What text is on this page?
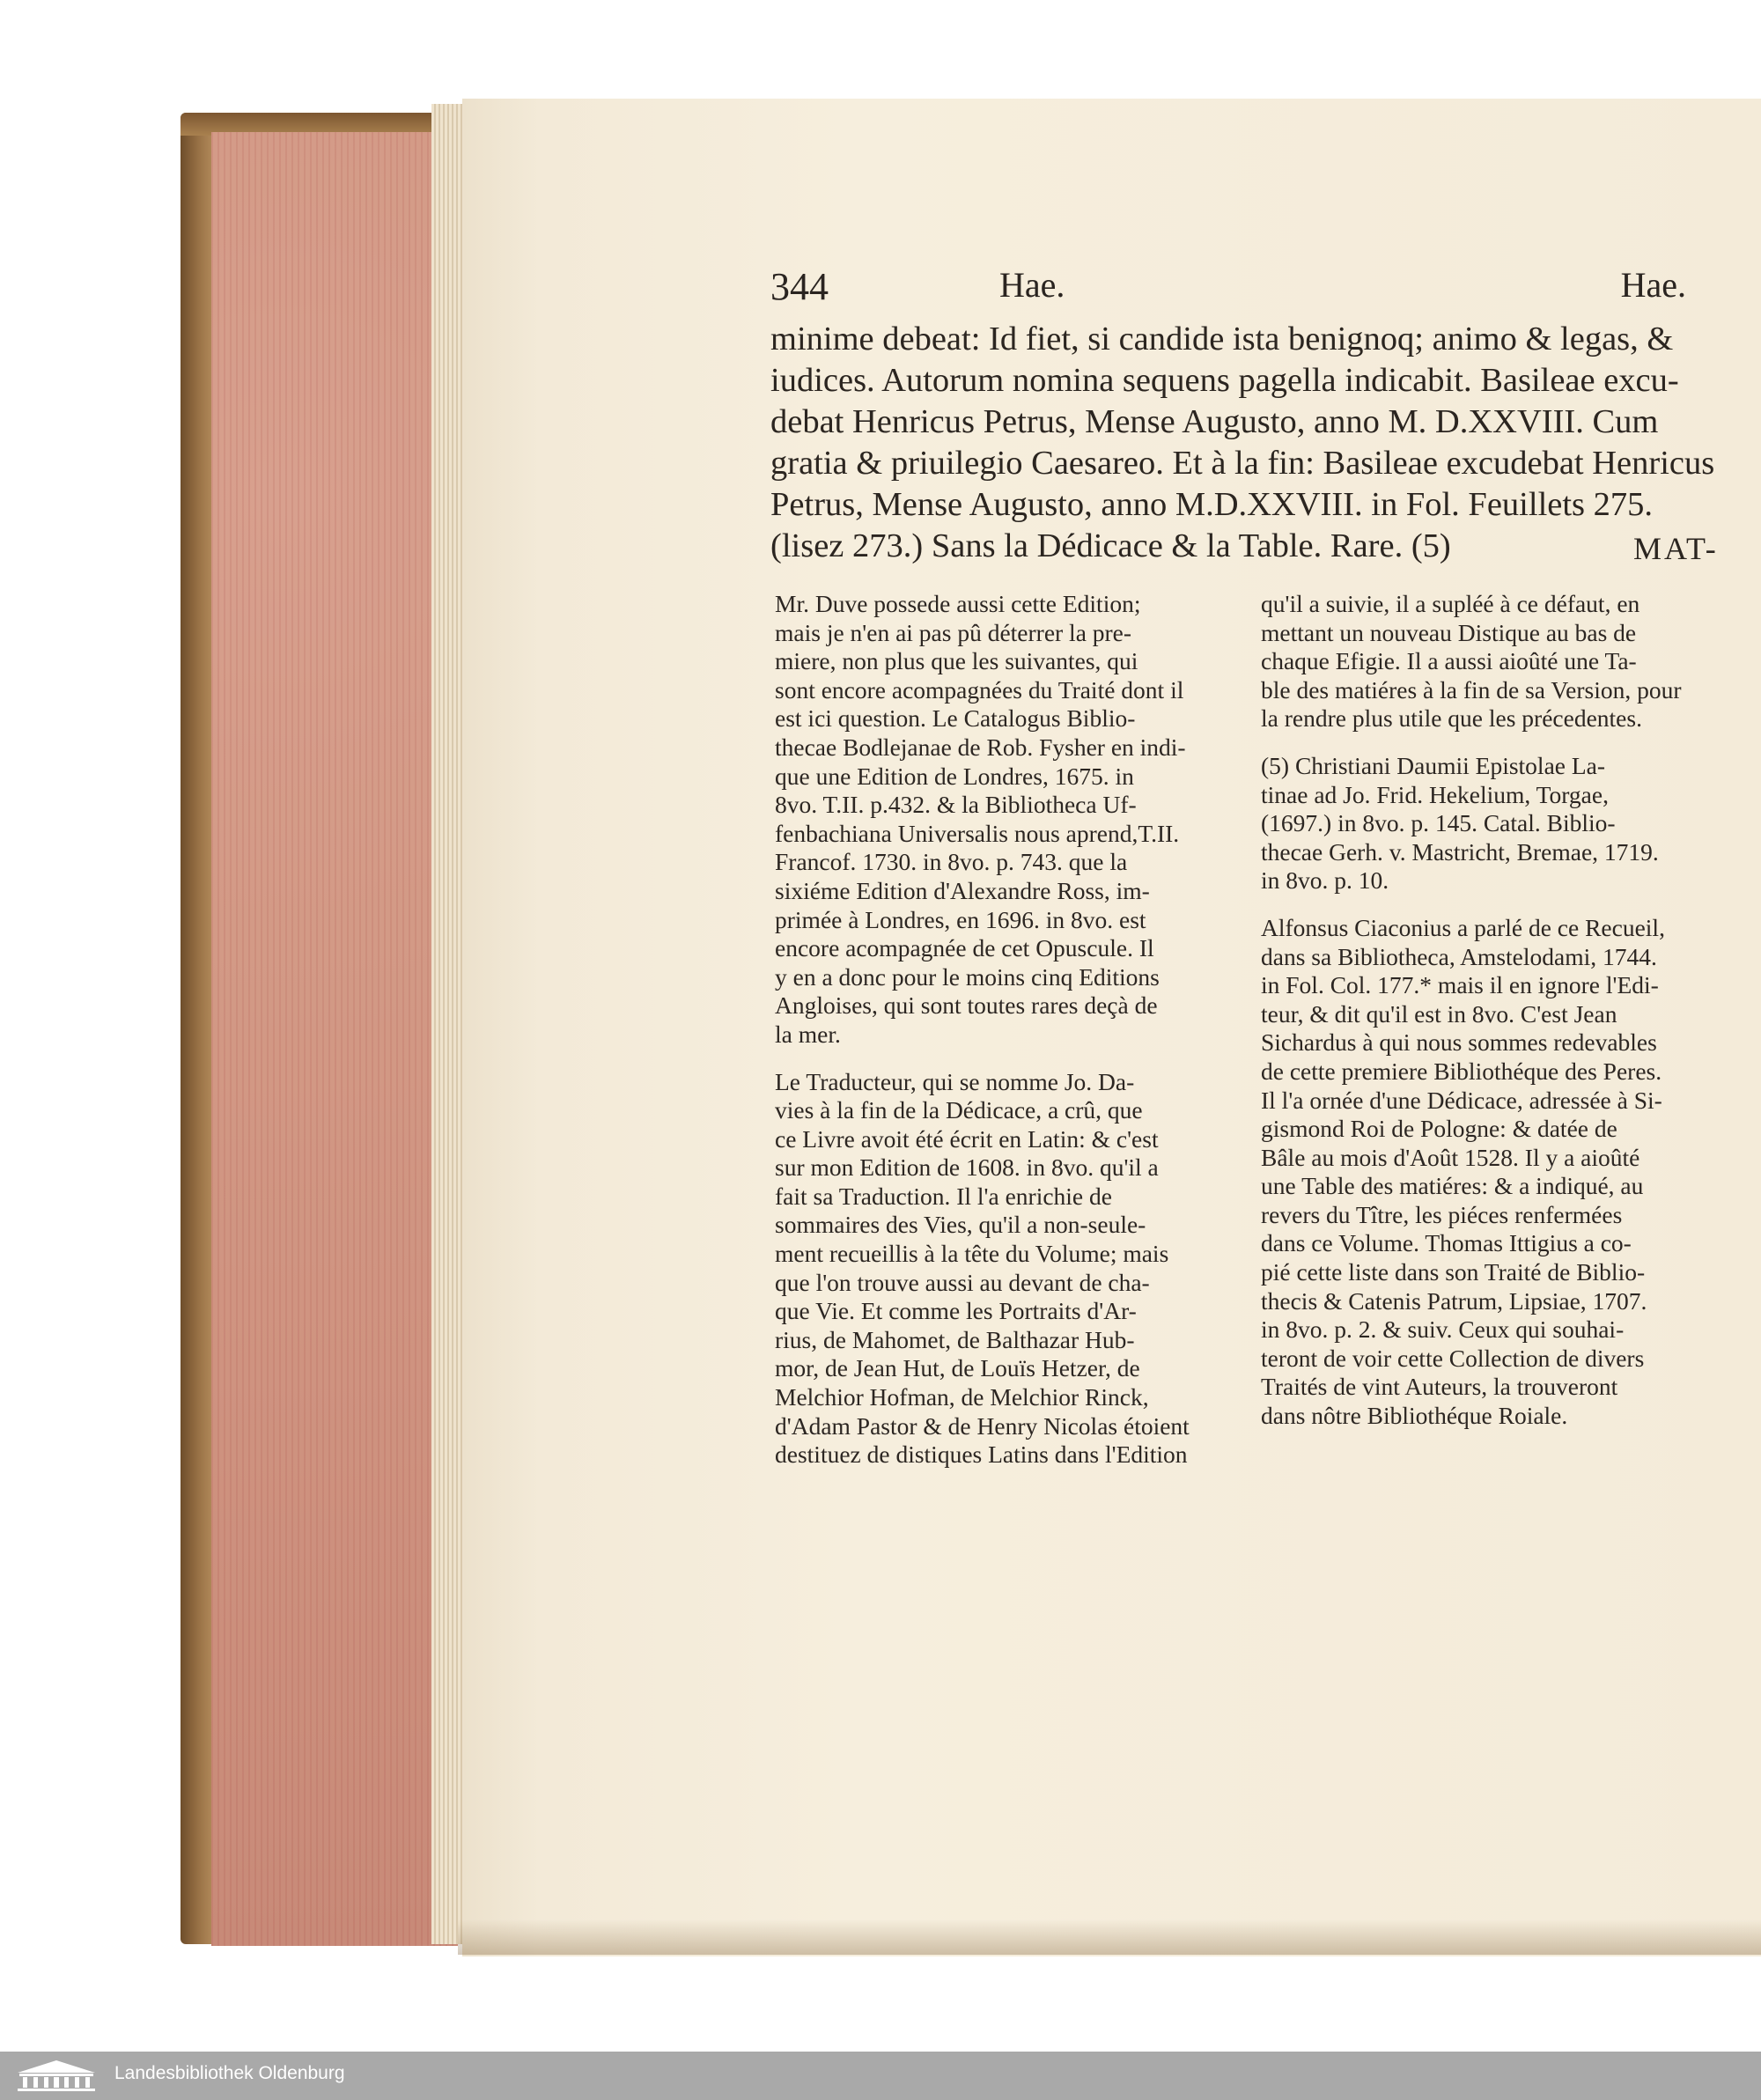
344	Hae.	Hae.
minime debeat: Id fiet, si candide ista benignoq; animo & legas, &
iudices. Autorum nomina sequens pagella indicabit. Basileae excu-
debat Henricus Petrus, Mense Augusto, anno M. D.XXVIII. Cum
gratia & priuilegio Caesareo. Et à la fin: Basileae excudebat Henricus
Petrus, Mense Augusto, anno M.D.XXVIII. in Fol. Feuillets 275.
(lisez 273.) Sans la Dédicace & la Table. Rare. (5)	MAT-

Mr. Duve possede aussi cette Edition;
mais je n'en ai pas pû déterrer la pre-
miere, non plus que les suivantes, qui
sont encore acompagnées du Traité dont il
est ici question. Le Catalogus Biblio-
thecae Bodlejanae de Rob. Fysher en indi-
que une Edition de Londres, 1675. in
8vo. T.II. p.432. & la Bibliotheca Uf-
fenbachiana Universalis nous aprend,T.II.
Francof. 1730. in 8vo. p. 743. que la
sixiéme Edition d'Alexandre Ross, im-
primée à Londres, en 1696. in 8vo. est
encore acompagnée de cet Opuscule. Il
y en a donc pour le moins cinq Editions
Angloises, qui sont toutes rares deçà de
la mer.

Le Traducteur, qui se nomme Jo. Da-
vies à la fin de la Dédicace, a crû, que
ce Livre avoit été écrit en Latin: & c'est
sur mon Edition de 1608. in 8vo. qu'il a
fait sa Traduction. Il l'a enrichie de
sommaires des Vies, qu'il a non-seule-
ment recueillis à la tête du Volume; mais
que l'on trouve aussi au devant de cha-
que Vie. Et comme les Portraits d'Ar-
rius, de Mahomet, de Balthazar Hub-
mor, de Jean Hut, de Louïs Hetzer, de
Melchior Hofman, de Melchior Rinck,
d'Adam Pastor & de Henry Nicolas étoient
destituez de distiques Latins dans l'Edition

qu'il a suivie, il a supléé à ce défaut, en
mettant un nouveau Distique au bas de
chaque Efigie. Il a aussi aioûté une Ta-
ble des matiéres à la fin de sa Version, pour
la rendre plus utile que les précedentes.

(5) Christiani Daumii Epistolae La-
tinae ad Jo. Frid. Hekelium, Torgae,
(1697.) in 8vo. p. 145. Catal. Biblio-
thecae Gerh. v. Mastricht, Bremae, 1719.
in 8vo. p. 10.

Alfonsus Ciaconius a parlé de ce Recueil,
dans sa Bibliotheca, Amstelodami, 1744.
in Fol. Col. 177.* mais il en ignore l'Edi-
teur, & dit qu'il est in 8vo. C'est Jean
Sichardus à qui nous sommes redevables
de cette premiere Bibliothéque des Peres.
Il l'a ornée d'une Dédicace, adressée à Si-
gismond Roi de Pologne: & datée de
Bâle au mois d'Août 1528. Il y a aioûté
une Table des matiéres: & a indiqué, au
revers du Tître, les piéces renfermées
dans ce Volume. Thomas Ittigius a co-
pié cette liste dans son Traité de Biblio-
thecis & Catenis Patrum, Lipsiae, 1707.
in 8vo. p. 2. & suiv. Ceux qui souhai-
teront de voir cette Collection de divers
Traités de vint Auteurs, la trouveront
dans nôtre Bibliothéque Roiale.

Landesbibliothek Oldenburg
